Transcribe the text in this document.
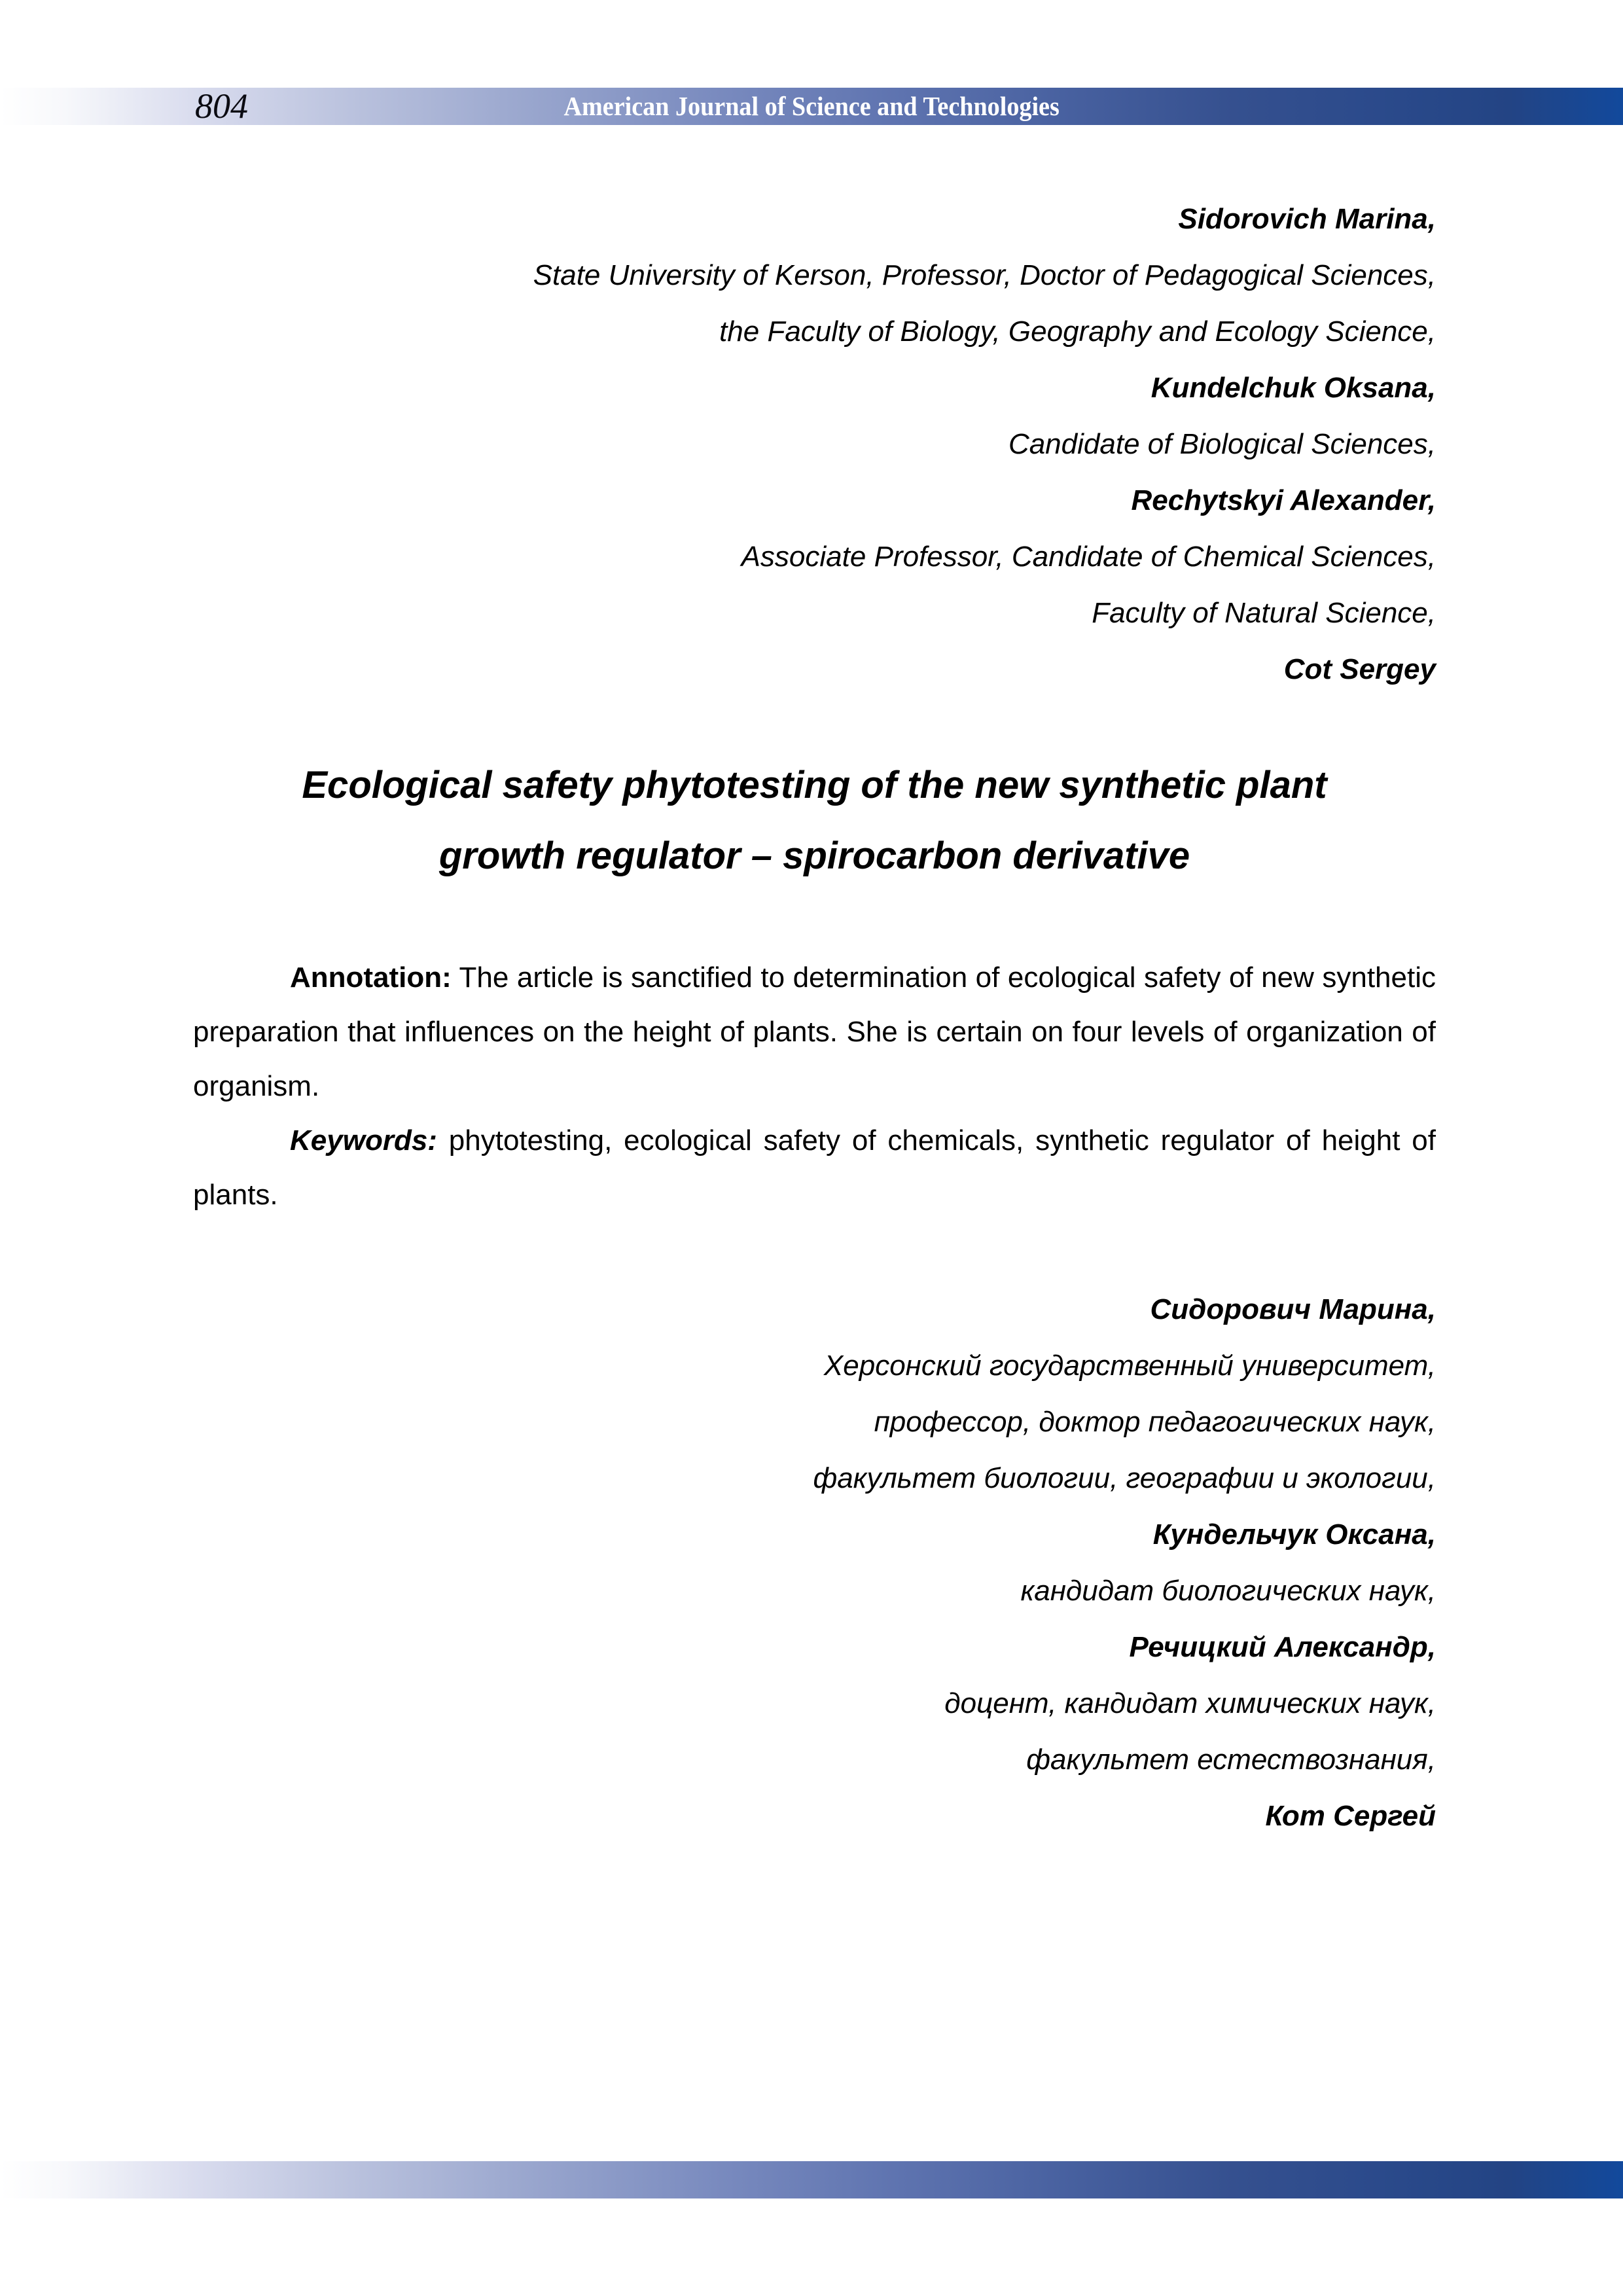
804	American Journal of Science and Technologies
Sidorovich Marina,
State University of Kerson, Professor, Doctor of Pedagogical Sciences,
the Faculty of Biology, Geography and Ecology Science,
Kundelchuk Oksana,
Candidate of Biological Sciences,
Rechytskyi Alexander,
Associate Professor, Candidate of Chemical Sciences,
Faculty of Natural Science,
Cot Sergey
Ecological safety phytotesting of the new synthetic plant
growth regulator – spirocarbon derivative

Annotation: The article is sanctified to determination of ecological safety of new synthetic preparation that influences on the height of plants. She is certain on four levels of organization of organism.

Keywords: phytotesting, ecological safety of chemicals, synthetic regulator of height of plants.

Сидорович Марина,
Херсонский государственный университет,
профессор, доктор педагогических наук,
факультет биологии, географии и экологии,
Кундельчук Оксана,
кандидат биологических наук,
Речицкий Александр,
доцент, кандидат химических наук,
факультет естествознания,
Кот Сергей
